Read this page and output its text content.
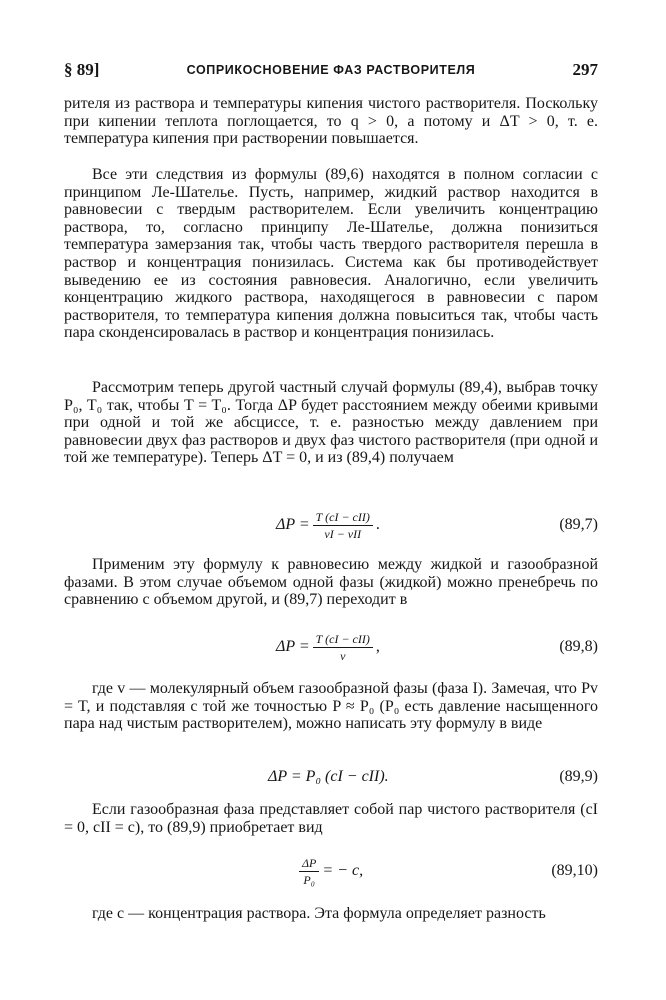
§ 89]	СОПРИКОСНОВЕНИЕ ФАЗ РАСТВОРИТЕЛЯ	297

рителя из раствора и температуры кипения чистого растворителя. Поскольку при кипении теплота поглощается, то q > 0, а потому и ΔT > 0, т. е. температура кипения при растворении повышается.

Все эти следствия из формулы (89,6) находятся в полном согласии с принципом Ле-Шателье. Пусть, например, жидкий раствор находится в равновесии с твердым растворителем. Если увеличить концентрацию раствора, то, согласно принципу Ле-Шателье, должна понизиться температура замерзания так, чтобы часть твердого растворителя перешла в раствор и концентрация понизилась. Система как бы противодействует выведению ее из состояния равновесия. Аналогично, если увеличить концентрацию жидкого раствора, находящегося в равновесии с паром растворителя, то температура кипения должна повыситься так, чтобы часть пара сконденсировалась в раствор и концентрация понизилась.

Рассмотрим теперь другой частный случай формулы (89,4), выбрав точку P₀, T₀ так, чтобы T = T₀. Тогда ΔP будет расстоянием между обеими кривыми при одной и той же абсциссе, т. е. разностью между давлением при равновесии двух фаз растворов и двух фаз чистого растворителя (при одной и той же температуре). Теперь ΔT = 0, и из (89,4) получаем

$\Delta P = \frac{\text{T (cI − cII)}}{\text{vI − vII}}$ .	(89,7)

Применим эту формулу к равновесию между жидкой и газообразной фазами. В этом случае объемом одной фазы (жидкой) можно пренебречь по сравнению с объемом другой, и (89,7) переходит в

$\Delta P = \frac{\text{T (cI − cII)}}{v}$ ,	(89,8)

где v — молекулярный объем газообразной фазы (фаза I). Замечая, что Pv = T, и подставляя с той же точностью P ≈ P₀ (P₀ есть давление насыщенного пара над чистым растворителем), можно написать эту формулу в виде

ΔP = P₀ (cI − cII).	(89,9)

Если газообразная фаза представляет собой пар чистого растворителя (cI = 0, cII = c), то (89,9) приобретает вид

$\frac{\Delta P}{\text{P₀}}$ = − c,	(89,10)

где c — концентрация раствора. Эта формула определяет разность
